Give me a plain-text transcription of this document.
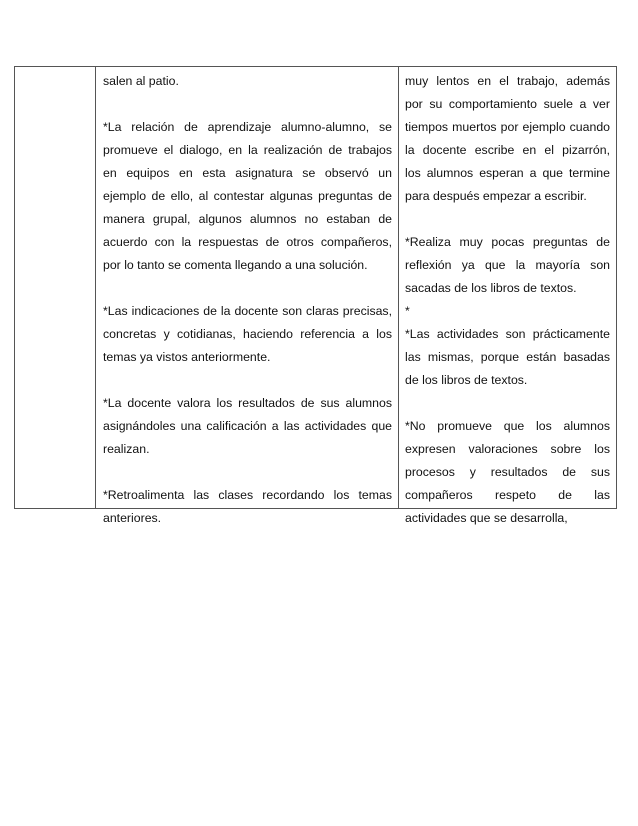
salen al patio.
*La relación de aprendizaje alumno-alumno, se
promueve el dialogo, en la realización de trabajos
en equipos en esta asignatura se observó un
ejemplo de ello, al contestar algunas preguntas de
manera grupal, algunos alumnos no estaban de
acuerdo con la respuestas de otros compañeros,
por lo tanto se comenta llegando a una solución.
*Las indicaciones de la docente son claras precisas,
concretas y cotidianas, haciendo referencia a los
temas ya vistos anteriormente.
*La docente valora los resultados de sus alumnos
asignándoles una calificación a las actividades que
realizan.
*Retroalimenta las clases recordando los temas
anteriores.
muy lentos en el trabajo, además
por su comportamiento suele a ver
tiempos muertos por ejemplo cuando
la docente escribe en el pizarrón,
los alumnos esperan a que termine
para después empezar a escribir.
*Realiza muy pocas preguntas de
reflexión ya que la mayoría son
sacadas de los libros de textos.
*
*Las actividades son prácticamente
las mismas, porque están basadas
de los libros de textos.
*No promueve que los alumnos
expresen valoraciones sobre los
procesos y resultados de sus
compañeros respeto de las
actividades que se desarrolla,
